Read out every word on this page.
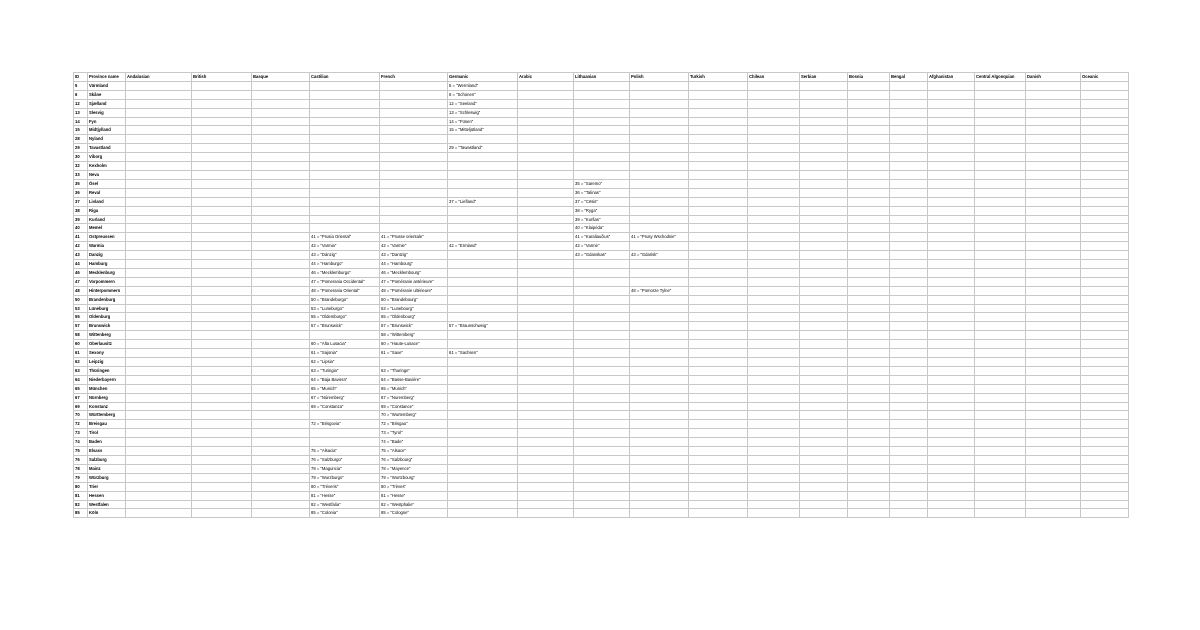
ID	Province name	Andalusian	British	Basque	Castilian	French	Germanic	Arabic	Lithuanian	Polish	Turkish	Chilean	Serbian	Bosnia	Bengal	Afghanistan	Central Algonquian	Danish	Oceanic
5	Värmland						5 = "Wermland"												
6	Skåne						6 = "Schonen"												
12	Sjælland						12 = "Seeland"												
13	Slesvig						13 = "Schleswig"												
14	Fyn						14 = "Fünen"												
15	Midtjylland						15 = "Mitteljütland"												
28	Nyland																		
29	Tavastland						29 = "Tawastland"												
30	Viborg																		
32	Kexholm																		
33	Neva																		
35	Ösel								35 = "Saremo"										
36	Reval								36 = "Talinas"										
37	Livland						37 = "Liefland"		37 = "Cēsis"										
38	Riga								38 = "Ryga"										
39	Kurland								39 = "Kuršas"										
40	Memel								40 = "Klaipėda"										
41	Ostpreussen				41 = "Prusia Oriental"	41 = "Prusse orientale"			41 = "Karaliaučius"	41 = "Prusy Wschodnie"									
42	Warmia				42 = "Varmia"	42 = "Varmie"	42 = "Ermland"		42 = "Varmė"										
43	Danzig				43 = "Dánzig"	43 = "Dantzig"			43 = "Gdanskas"	43 = "Gdańsk"									
44	Hamburg				44 = "Hamburgo"	44 = "Hambourg"													
46	Mecklenburg				46 = "Mecklemburgo"	46 = "Mecklembourg"													
47	Vorpommern				47 = "Pomerania Occidental"	47 = "Poméranie antérieure"													
48	Hinterpommern				48 = "Pomerania Oriental"	48 = "Poméranie ultérieure"				48 = "Pomorze Tylne"									
50	Brandenburg				50 = "Brandeburgo"	50 = "Brandebourg"													
53	Lüneburg				53 = "Luneburgo"	53 = "Lunebourg"													
55	Oldenburg				55 = "Oldemburgo"	55 = "Oldenbourg"													
57	Brunswick				57 = "Brunswick"	57 = "Brunswick"	57 = "Braunschweig"												
58	Wittenberg					58 = "Wittemberg"													
60	Oberlausitz				60 = "Alta Lusacia"	60 = "Haute-Lusace"													
61	Sexony				61 = "Sajonia"	61 = "Saxe"	61 = "Sachsen"												
62	Leipzig				62 = "Lipsia"														
63	Thüringen				63 = "Turingia"	63 = "Thuringe"													
64	Niederbayern				64 = "Baja Baviera"	64 = "Basse-Bavière"													
65	München				65 = "Munich"	65 = "Munich"													
67	Nürnberg				67 = "Núremberg"	67 = "Nuremberg"													
69	Konstanz				69 = "Constanza"	69 = "Constance"													
70	Württemberg					70 = "Wurtemberg"													
72	Breisgau				72 = "Brisgovia"	72 = "Brisgau"													
73	Tirol					73 = "Tyrol"													
74	Baden					74 = "Bade"													
75	Elsass				75 = "Alsacia"	75 = "Alsace"													
76	Salzburg				76 = "Salzburgo"	76 = "Salzbourg"													
78	Mainz				78 = "Maguncia"	78 = "Mayence"													
79	Würzburg				79 = "Wurzburgo"	79 = "Wurtzbourg"													
80	Trier				80 = "Tréveris"	80 = "Trèves"													
81	Hessen				81 = "Hesse"	81 = "Hesse"													
82	Westfalen				82 = "Westfalia"	82 = "Westphalie"													
85	Köln				85 = "Colonia"	85 = "Cologne"													
